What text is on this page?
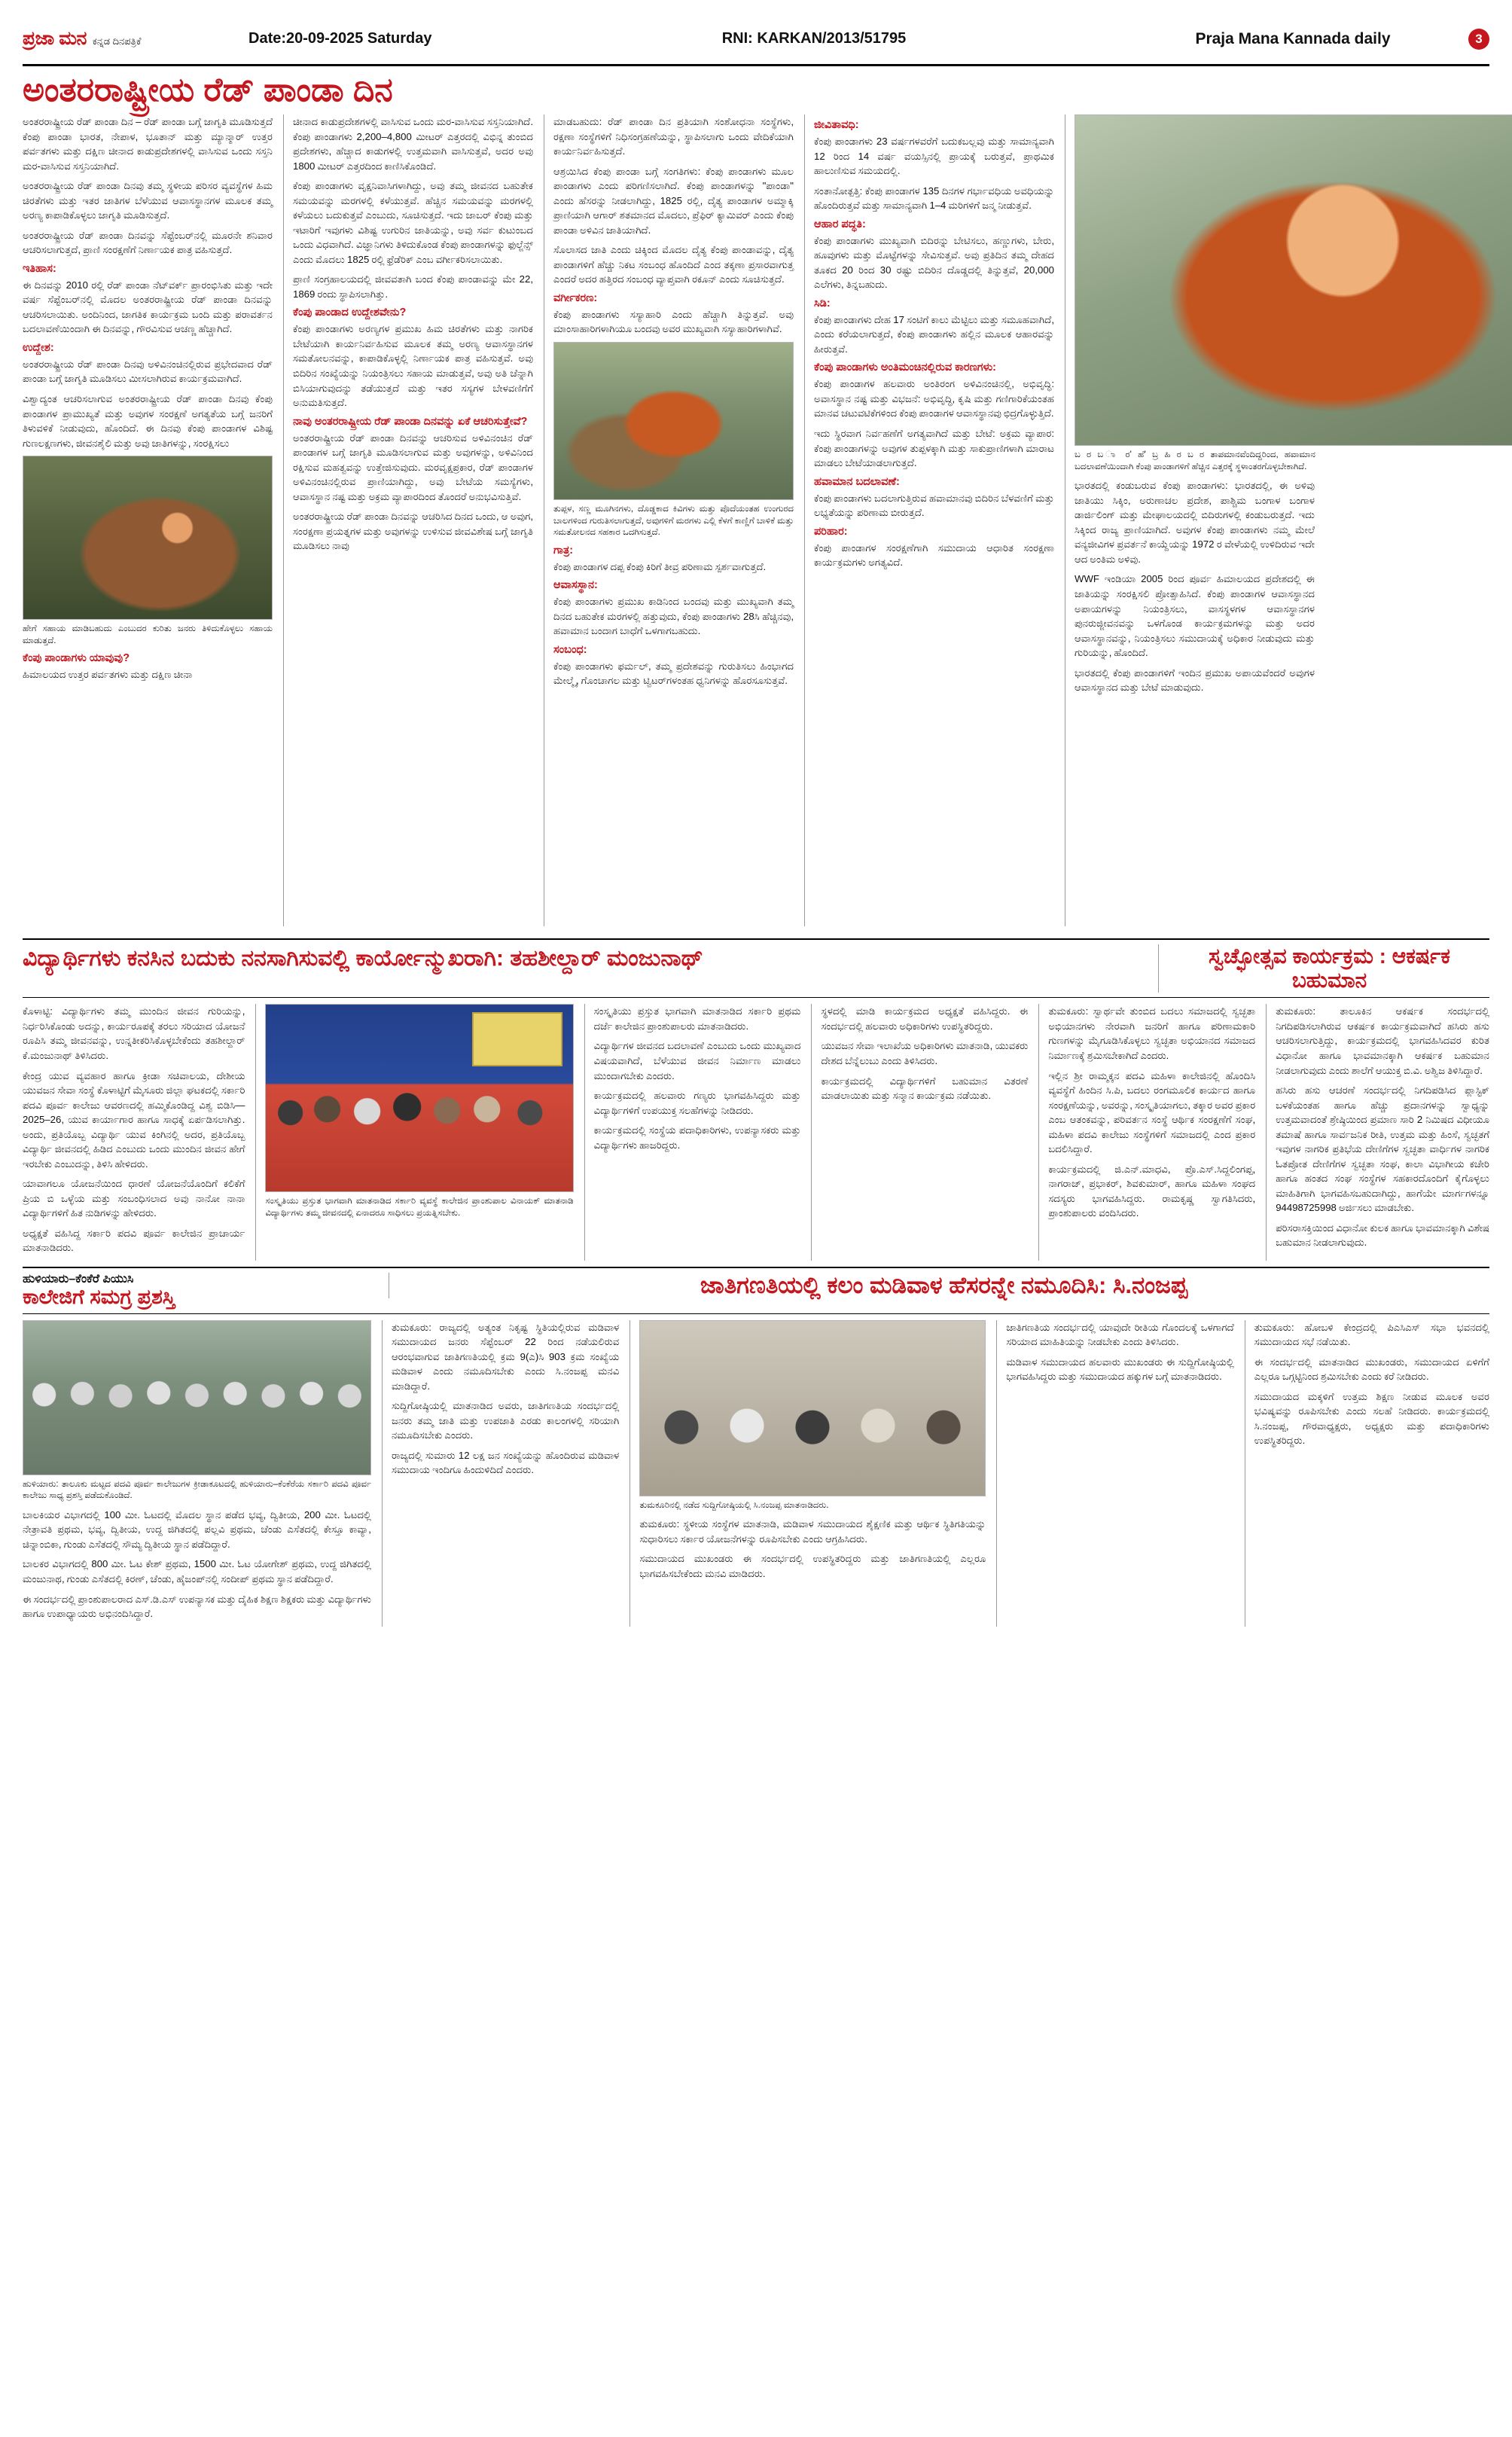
ಪ್ರಜಾ ಮನ ಕನ್ನಡ ದಿನಪತ್ರಿಕೆ	Date:20-09-2025 Saturday	RNI: KARKAN/2013/51795	Praja Mana Kannada daily	3
ಅಂತರರಾಷ್ಟ್ರೀಯ ರೆಡ್ ಪಾಂಡಾ ದಿನ

ಅಂತರರಾಷ್ಟ್ರೀಯ ರೆಡ್ ಪಾಂಡಾ ದಿನ – ರೆಡ್ ಪಾಂಡಾ ಬಗ್ಗೆ ಜಾಗೃತಿ ಮೂಡಿಸುತ್ತದೆ ಕೆಂಪು ಪಾಂಡಾ ಭಾರತ, ನೇಪಾಳ, ಭೂತಾನ್ ಮತ್ತು ಮ್ಯಾನ್ಮಾರ್ ಉತ್ತರ ಪರ್ವತಗಳು ಮತ್ತು ದಕ್ಷಿಣ ಚೀನಾದ ಕಾಡುಪ್ರದೇಶಗಳಲ್ಲಿ ವಾಸಿಸುವ ಒಂದು ಸಸ್ತನಿ ಮರ-ವಾಸಿಸುವ ಸಸ್ತನಿಯಾಗಿದೆ.

ಅಂತರರಾಷ್ಟ್ರೀಯ ರೆಡ್ ಪಾಂಡಾ ದಿನವು ತಮ್ಮ ಸ್ಥಳೀಯ ಪರಿಸರ ವ್ಯವಸ್ಥೆಗಳ ಹಿಮ ಚಿರತೆಗಳು ಮತ್ತು ಇತರ ಜಾತಿಗಳ ಬೆಳೆಯುವ ಆವಾಸಸ್ಥಾನಗಳ ಮೂಲಕ ತಮ್ಮ ಅರಣ್ಯ ಕಾಪಾಡಿಕೊಳ್ಳಲು ಜಾಗೃತಿ ಮೂಡಿಸುತ್ತದೆ.

ಅಂತರರಾಷ್ಟ್ರೀಯ ರೆಡ್ ಪಾಂಡಾ ದಿನವನ್ನು ಸೆಪ್ಟೆಂಬರ್‌ನಲ್ಲಿ ಮೂರನೇ ಶನಿವಾರ ಆಚರಿಸಲಾಗುತ್ತದೆ, ಪ್ರಾಣಿ ಸಂರಕ್ಷಣೆಗೆ ನಿರ್ಣಾಯಕ ಪಾತ್ರ ವಹಿಸುತ್ತದೆ.

ಇತಿಹಾಸ:

ಈ ದಿನವನ್ನು 2010 ರಲ್ಲಿ ರೆಡ್ ಪಾಂಡಾ ನೆಟ್‌ವರ್ಕ್ ಪ್ರಾರಂಭಿಸಿತು ಮತ್ತು ಇದೇ ವರ್ಷ ಸೆಪ್ಟೆಂಬರ್‌ನಲ್ಲಿ ಮೊದಲ ಅಂತರರಾಷ್ಟ್ರೀಯ ರೆಡ್ ಪಾಂಡಾ ದಿನವನ್ನು ಆಚರಿಸಲಾಯಿತು. ಅಂದಿನಿಂದ, ಜಾಗತಿಕ ಕಾರ್ಯಕ್ರಮ ಬಂದಿ ಮತ್ತು ಪರಾವರ್ತನ ಬದಲಾವಣೆಯಿಂದಾಗಿ ಈ ದಿನವನ್ನು, ಗೌರವಿಸುವ ಆಚಣ್ಣ ಹೆಚ್ಚಾಗಿದೆ.

ಉದ್ದೇಶ:

ಅಂತರರಾಷ್ಟ್ರೀಯ ರೆಡ್ ಪಾಂಡಾ ದಿನವು ಅಳಿವಿನಂಚಿನಲ್ಲಿರುವ ಪ್ರಭೇದವಾದ ರೆಡ್ ಪಾಂಡಾ ಬಗ್ಗೆ ಜಾಗೃತಿ ಮೂಡಿಸಲು ಮೀಸಲಾಗಿರುವ ಕಾರ್ಯಕ್ರಮವಾಗಿದೆ.

ವಿಶ್ವಾದ್ಯಂತ ಆಚರಿಸಲಾಗುವ ಅಂತರರಾಷ್ಟ್ರೀಯ ರೆಡ್ ಪಾಂಡಾ ದಿನವು ಕೆಂಪು ಪಾಂಡಾಗಳ ಪ್ರಾಮುಖ್ಯತೆ ಮತ್ತು ಅವುಗಳ ಸಂರಕ್ಷಣೆ ಅಗತ್ಯತೆಯ ಬಗ್ಗೆ ಜನರಿಗೆ ತಿಳುವಳಿಕೆ ನೀಡುವುದು, ಹೊಂದಿದೆ. ಈ ದಿನವು ಕೆಂಪು ಪಾಂಡಾಗಳ ವಿಶಿಷ್ಟ ಗುಣಲಕ್ಷಣಗಳು, ಜೀವನಶೈಲಿ ಮತ್ತು ಅವು ಜಾತಿಗಳನ್ನು, ಸಂರಕ್ಷಿಸಲು

ಹೇಗೆ ಸಹಾಯ ಮಾಡಿಬಹುದು ಎಂಬುದರ ಕುರಿತು ಜನರು ತಿಳಿದುಕೊಳ್ಳಲು ಸಹಾಯ ಮಾಡುತ್ತದೆ.
ಕೆಂಪು ಪಾಂಡಾಗಳು ಯಾವುವು?

ಹಿಮಾಲಯದ ಉತ್ತರ ಪರ್ವತಗಳು ಮತ್ತು ದಕ್ಷಿಣ ಚೀನಾ

ಚೀನಾದ ಕಾಡುಪ್ರದೇಶಗಳಲ್ಲಿ ವಾಸಿಸುವ ಒಂದು ಮರ-ವಾಸಿಸುವ ಸಸ್ತನಿಯಾಗಿದೆ. ಕೆಂಪು ಪಾಂಡಾಗಳು 2,200–4,800 ಮೀಟರ್ ಎತ್ತರದಲ್ಲಿ ವಿಭಿನ್ನ ತುಂಬಿದ ಪ್ರದೇಶಗಳು, ಹೆಚ್ಚಾದ ಕಾಡುಗಳಲ್ಲಿ ಉತ್ತಮವಾಗಿ ವಾಸಿಸುತ್ತವೆ, ಅದರ ಅವು 1800 ಮೀಟರ್ ಎತ್ತರದಿಂದ ಕಾಣಿಸಿಕೊಂಡಿದೆ.

ಕೆಂಪು ಪಾಂಡಾಗಳು ವೃಕ್ಷನಿವಾಸಿಗಳಾಗಿದ್ದು, ಅವು ತಮ್ಮ ಜೀವನದ ಬಹುತೇಕ ಸಮಯವನ್ನು ಮರಗಳಲ್ಲಿ ಕಳೆಯುತ್ತವೆ. ಹೆಚ್ಚಿನ ಸಮಯವನ್ನು ಮರಗಳಲ್ಲಿ ಕಳೆಯಲು ಬದುಕುತ್ತವೆ ಎಂಬುದು, ಸೂಚಿಸುತ್ತದೆ. ಇದು ಜಾಬರ್ ಕೆಂಪು ಮತ್ತು ಇಟಾರಿಗೆ ಇವುಗಳು ವಿಶಿಷ್ಟ ಉಗುರಿನ ಜಾತಿಯನ್ನು, ಅವು ಸರ್ವ ಕುಟುಂಬದ ಒಂದು ವಿಧವಾಗಿದೆ. ವಿಜ್ಞಾನಿಗಳು ತಿಳಿದುಕೊಂಡ ಕೆಂಪು ಪಾಂಡಾಗಳನ್ನು ಫುಲ್ಜೆನ್ಸ್ ಎಂದು ಮೊದಲು 1825 ರಲ್ಲಿ ಫ್ರೆಡೆರಿಕ್ ಎಂಬ ವರ್ಗೀಕರಿಸಲಾಯಿತು.

ಪ್ರಾಣಿ ಸಂಗ್ರಹಾಲಯದಲ್ಲಿ ಜೀವವತಾಗಿ ಬಂದ ಕೆಂಪು ಪಾಂಡಾವನ್ನು ಮೇ 22, 1869 ರಂದು ಸ್ಥಾಪಿಸಲಾಗಿತ್ತು.

ಕೆಂಪು ಪಾಂಡಾದ ಉದ್ದೇಶವೇನು?

ಕೆಂಪು ಪಾಂಡಾಗಳು ಅರಣ್ಯಗಳ ಪ್ರಮುಖ ಹಿಮ ಚಿರತೆಗಳು ಮತ್ತು ನಾಗರಿಕ ಬೇಟೆಯಾಗಿ ಕಾರ್ಯನಿರ್ವಹಿಸುವ ಮೂಲಕ ತಮ್ಮ ಅರಣ್ಯ ಆವಾಸಸ್ಥಾನಗಳ ಸಮತೋಲನವನ್ನು, ಕಾಪಾಡಿಕೊಳ್ಳಲ್ಲಿ ನಿರ್ಣಾಯಕ ಪಾತ್ರ ವಹಿಸುತ್ತವೆ. ಅವು ಬಿದಿರಿನ ಸಂಖ್ಯೆಯನ್ನು ನಿಯಂತ್ರಿಸಲು ಸಹಾಯ ಮಾಡುತ್ತವೆ, ಅವು ಅತಿ ಚೆನ್ನಾಗಿ ಬಿಸಿಯಾಗುವುದನ್ನು ತಡೆಯುತ್ತದೆ ಮತ್ತು ಇತರ ಸಸ್ಯಗಳ ಬೇಳವಣಿಗೆಗೆ ಅನುಮತಿಸುತ್ತದೆ.

ನಾವು ಅಂತರರಾಷ್ಟ್ರೀಯ ರೆಡ್ ಪಾಂಡಾ ದಿನವನ್ನು ಏಕೆ ಆಚರಿಸುತ್ತೇವೆ?

ಅಂತರರಾಷ್ಟ್ರೀಯ ರೆಡ್ ಪಾಂಡಾ ದಿನವನ್ನು ಆಚರಿಸುವ ಅಳಿವಿನಂಚಿನ ರೆಡ್ ಪಾಂಡಾಗಳ ಬಗ್ಗೆ ಜಾಗೃತಿ ಮೂಡಿಸಲಾಗುವ ಮತ್ತು ಅವುಗಳನ್ನು, ಅಳಿವಿನಿಂದ ರಕ್ಷಿಸುವ ಮಹತ್ವವನ್ನು ಉತ್ತೇಜಿಸುವುದು. ಮರವೃಕ್ಷಪ್ರಕಾರ, ರೆಡ್ ಪಾಂಡಾಗಳ ಅಳಿವಿನಂಚಿನಲ್ಲಿರುವ ಪ್ರಾಣಿಯಾಗಿದ್ದು, ಅವು ಬೇಟೆಯ ಸಮಸ್ಯೆಗಳು, ಆವಾಸಸ್ಥಾನ ನಷ್ಟ ಮತ್ತು ಅಕ್ರಮ ವ್ಯಾಪಾರದಿಂದ ತೊಂದರೆ ಅನುಭವಿಸುತ್ತಿವೆ.

ಅಂತರರಾಷ್ಟ್ರೀಯ ರೆಡ್ ಪಾಂಡಾ ದಿನವನ್ನು ಆಚರಿಸಿದ ದಿನದ ಒಂದು, ಆ ಅವುಗ, ಸಂರಕ್ಷಣಾ ಪ್ರಯತ್ನಗಳ ಮತ್ತು ಅವುಗಳನ್ನು ಉಳಿಸುವ ಜೀವವಿಶೇಷ ಬಗ್ಗೆ ಜಾಗೃತಿ ಮೂಡಿಸಲು ನಾವು

ಮಾಡಬಹುದು: ರೆಡ್ ಪಾಂಡಾ ದಿನ ಪ್ರತಿಯಾಗಿ ಸಂಶೋಧನಾ ಸಂಸ್ಥೆಗಳು, ರಕ್ಷಣಾ ಸಂಸ್ಥೆಗಳಿಗೆ ನಿಧಿಸಂಗ್ರಹಣೆಯನ್ನು, ಸ್ಥಾಪಿಸಲಾಗು ಒಂದು ವೇದಿಕೆಯಾಗಿ ಕಾರ್ಯನಿರ್ವಹಿಸುತ್ತದೆ.

ಆಶ್ರಯಿಸಿದ ಕೆಂಪು ಪಾಂಡಾ ಬಗ್ಗೆ ಸಂಗತಿಗಳು: ಕೆಂಪು ಪಾಂಡಾಗಳು ಮೂಲ ಪಾಂಡಾಗಳು ಎಂದು ಪರಿಗಣಿಸಲಾಗಿದೆ. ಕೆಂಪು ಪಾಂಡಾಗಳನ್ನು "ಪಾಂಡಾ" ಎಂದು ಹೆಸರನ್ನು ನೀಡಲಾಗಿದ್ದು, 1825 ರಲ್ಲಿ, ದೈತ್ಯ ಪಾಂಡಾಗಳ ಅಮ್ಮಾಕ್ಕಿ ಪ್ರಾಣಿಯಾಗಿ ಆಗಾರ್ ಶತಮಾನದ ಮೊದಲು, ಪ್ರೆಫಿರ್ ಕ್ಯಾಮಿವರ್ ಎಂದು ಕೆಂಪು ಪಾಂಡಾ ಅಳಿವಿನ ಜಾತಿಯಾಗಿದೆ.

ಸೊಲಾಸದ ಜಾತಿ ಎಂದು ಚಿಕ್ಕಿಂದ ಮೊದಲ ದೈತ್ಯ ಕೆಂಪು ಪಾಂಡಾವನ್ನು, ದೈತ್ಯ ಪಾಂಡಾಗಳಿಗೆ ಹೆಚ್ಚು ನಿಕಟ ಸಂಬಂಧ ಹೊಂದಿದೆ ಎಂದ ತಕ್ಕಣಾ ಪ್ರಸಾರವಾಗುತ್ತ ಎಂದರೆ ಅದರ ಹತ್ತಿರದ ಸಂಬಂಧ ವ್ಯಾಪ್ತವಾಗಿ ರಕೂನ್ ಎಂದು ಸೂಚಿಸುತ್ತದೆ.

ವರ್ಗೀಕರಣ:

ಕೆಂಪು ಪಾಂಡಾಗಳು ಸಸ್ಯಾಹಾರಿ ಎಂದು ಹೆಚ್ಚಾಗಿ ತಿನ್ನುತ್ತವೆ. ಅವು ಮಾಂಸಾಹಾರಿಗಳಾಗಿಯೂ ಬಂದವು ಅವರ ಮುಖ್ಯವಾಗಿ ಸಸ್ಯಾಹಾರಿಗಳಾಗಿವೆ.

ತುಪ್ಪಳ, ಸಣ್ಣ ಮೂಗಿನಗಳು, ದೊಡ್ಡಕಾದ ಕಿವಿಗಳು ಮತ್ತು ಪೊದೆಯಂತಹ ಉಂಗುರದ ಬಾಲಗಳಿಂದ ಗುರುತಿಸಲಾಗುತ್ತದೆ, ಅವುಗಳಿಗೆ ಮರಗಳು ಎಲ್ಲಿ ಕೆಳಗೆ ಕಾಣ್ಣಿಗೆ ಬಾಳಿಕೆ ಮತ್ತು ಸಮತೋಲನದ ಸಹಕಾರ ಒದಗಿಸುತ್ತದೆ.
ಗಾತ್ರ:

ಕೆಂಪು ಪಾಂಡಾಗಳ ದಪ್ಪ ಕೆಂಪು ಕಿರಿಗೆ ತೀವ್ರ ಪರಿಣಾಮ ಸ್ಪರ್ಶವಾಗುತ್ತದೆ.

ಆವಾಸಸ್ಥಾನ:

ಕೆಂಪು ಪಾಂಡಾಗಳು ಪ್ರಮುಖ ಕಾಡಿನಿಂದ ಬಂದವು ಮತ್ತು ಮುಖ್ಯವಾಗಿ ತಮ್ಮ ದಿನದ ಬಹುತೇಕ ಮರಗಳಲ್ಲಿ ಹತ್ತುವುದು, ಕೆಂಪು ಪಾಂಡಾಗಳು 28ಸಿ ಹೆಚ್ಚಿನವು, ಹವಾಮಾನ ಬಂದಾಗ ಬಾಧೆಗೆ ಒಳಗಾಗಬಹುದು.

ಸಂಬಂಧ:

ಕೆಂಪು ಪಾಂಡಾಗಳು ಫರ್ಮಲ್, ತಮ್ಮ ಪ್ರದೇಶವನ್ನು ಗುರುತಿಸಲು ಹಿಂಭಾಗದ ಮೇಲ್ಮೈ, ಗೊಂಚಾಗಲ ಮತ್ತು ಟ್ವಿಟರ್‌ಗಳಂತಹ ಧ್ವನಿಗಳನ್ನು ಹೊರಸೂಸುತ್ತವೆ.

ಜೀವಿತಾವಧಿ:

ಕೆಂಪು ಪಾಂಡಾಗಳು 23 ವರ್ಷಗಳವರೆಗೆ ಬದುಕಬಲ್ಲವು ಮತ್ತು ಸಾಮಾನ್ಯವಾಗಿ 12 ರಿಂದ 14 ವರ್ಷ ವಯಸ್ಸಿನಲ್ಲಿ ಪ್ರಾಯಕ್ಕೆ ಬರುತ್ತವೆ, ಪ್ರಾಥಮಿಕ ಹಾಲುಣಿಸುವ ಸಮಯದಲ್ಲಿ.

ಸಂತಾನೋತ್ಪತ್ತಿ: ಕೆಂಪು ಪಾಂಡಾಗಳ 135 ದಿನಗಳ ಗರ್ಭಾವಧಿಯ ಅವಧಿಯನ್ನು ಹೊಂದಿರುತ್ತವೆ ಮತ್ತು ಸಾಮಾನ್ಯವಾಗಿ 1–4 ಮರಿಗಳಿಗೆ ಜನ್ಮ ನೀಡುತ್ತವೆ.

ಆಹಾರ ಪದ್ಧತಿ:

ಕೆಂಪು ಪಾಂಡಾಗಳು ಮುಖ್ಯವಾಗಿ ಬಿದಿರನ್ನು ಬೇಟಿಸಲು, ಹಣ್ಣುಗಳು, ಬೇರು, ಹೂವುಗಳು ಮತ್ತು ಮೊಟ್ಟೆಗಳನ್ನು ಸೇವಿಸುತ್ತವೆ. ಅವು ಪ್ರತಿದಿನ ತಮ್ಮ ದೇಹದ ತೂಕದ 20 ರಿಂದ 30 ರಷ್ಟು ಬಿದಿರಿನ ದೊಡ್ಡದಲ್ಲಿ ತಿನ್ನುತ್ತವೆ, 20,000 ಎಲೆಗಳು, ತಿನ್ನಬಹುದು.

ಸಿಡಿ:

ಕೆಂಪು ಪಾಂಡಾಗಳು ದೇಹ 17 ಸಂಟಿಗೆ ಕಾಲು ಮೆಟ್ಟಿಲು ಮತ್ತು ಸಮೂಹವಾಗಿದೆ, ಎಂದು ಕರೆಯಲಾಗುತ್ತದೆ, ಕೆಂಪು ಪಾಂಡಾಗಳು ಹಲ್ಲಿನ ಮೂಲಕ ಆಹಾರವನ್ನು ಹೀರುತ್ತವೆ.

ಕೆಂಪು ಪಾಂಡಾಗಳು ಅಂತಿಮಂಚಿನಲ್ಲಿರುವ ಕಾರಣಗಳು:

ಕೆಂಪು ಪಾಂಡಾಗಳ ಹಲವಾರು ಅಂತಿರಂಗ ಅಳಿವಿನಂಚಿನಲ್ಲಿ, ಅಭಿವೃದ್ಧಿ: ಅವಾಸಸ್ಥಾನ ನಷ್ಟ ಮತ್ತು ವಿಭಜನೆ: ಅಭಿವೃದ್ಧಿ, ಕೃಷಿ ಮತ್ತು ಗಣಿಗಾರಿಕೆಯಂತಹ ಮಾನವ ಚಟುವಟಿಕೆಗಳಿಂದ ಕೆಂಪು ಪಾಂಡಾಗಳ ಆವಾಸಸ್ಥಾನವು ಛಿದ್ರಗೊಳ್ಳುತ್ತಿದೆ.

ಇದು ಸ್ಥಿರವಾಗ ನಿರ್ವಹಣೆಗೆ ಅಗತ್ಯವಾಗಿದೆ ಮತ್ತು ಬೇಟೆ: ಅಕ್ರಮ ವ್ಯಾಪಾರ: ಕೆಂಪು ಪಾಂಡಾಗಳನ್ನು ಅವುಗಳ ತುಪ್ಪಳಕ್ಕಾಗಿ ಮತ್ತು ಸಾಕುಪ್ರಾಣಿಗಳಾಗಿ ಮಾರಾಟ ಮಾಡಲು ಬೇಟೆಯಾಡಲಾಗುತ್ತದೆ.

ಹವಾಮಾನ ಬದಲಾವಣೆ:

ಕೆಂಪು ಪಾಂಡಾಗಳು ಬದಲಾಗುತ್ತಿರುವ ಹವಾಮಾನವು ಬಿದಿರಿನ ಬೆಳವಣಿಗೆ ಮತ್ತು ಲಭ್ಯತೆಯನ್ನು ಪರಿಣಾಮ ಬೀರುತ್ತದೆ.

ಪರಿಹಾರ:

ಕೆಂಪು ಪಾಂಡಾಗಳ ಸಂರಕ್ಷಣೆಗಾಗಿ ಸಮುದಾಯ ಆಧಾರಿತ ಸಂರಕ್ಷಣಾ ಕಾರ್ಯಕ್ರಮಗಳು ಅಗತ್ಯವಿದೆ.

ಬ ರ ಬ ಾ ರ' ಹೆ' ಬ್ರ ಹಿ ರ ಬ ರ ತಾಪಮಾನವೆಂದಿದ್ದರಿಂದ, ಹವಾಮಾನ ಬದಲಾವಣೆಯಿಂದಾಗಿ ಕೆಂಪು ಪಾಂಡಾಗಳಿಗೆ ಹೆಚ್ಚಿನ ಎತ್ತರಕ್ಕೆ ಸ್ಥಳಾಂತರಗೊಳ್ಳಬೇಕಾಗಿದೆ.

ಭಾರತದಲ್ಲಿ ಕಂಡುಬರುವ ಕೆಂಪು ಪಾಂಡಾಗಳು: ಭಾರತದಲ್ಲಿ, ಈ ಅಳಿವು ಜಾತಿಯು ಸಿಕ್ಕಿಂ, ಅರುಣಾಚಲ ಪ್ರದೇಶ, ಪಾಶ್ಚಿಮ ಬಂಗಾಳ ಬಂಗಾಳ ಡಾರ್ಜಿಲಿಂಗ್ ಮತ್ತು ಮೇಘಾಲಯದಲ್ಲಿ ಬಿದಿರುಗಳಲ್ಲಿ ಕಂಡುಬರುತ್ತದೆ. ಇದು ಸಿಕ್ಕಿಂದ ರಾಜ್ಯ ಪ್ರಾಣಿಯಾಗಿದೆ. ಅವುಗಳ ಕೆಂಪು ಪಾಂಡಾಗಳು ನಮ್ಮ ಮೇಲೆ ವನ್ಯಜೀವಿಗಳ ಪ್ರವರ್ತನೆ ಕಾಯ್ದೆಯನ್ನು 1972 ರ ವೇಳೆಯಲ್ಲಿ ಉಳಿದಿರುವ ಇದೇ ಆದ ಅಂತಿಮ ಅಳಿವು.

WWF ಇಂಡಿಯಾ 2005 ರಿಂದ ಪೂರ್ವ ಹಿಮಾಲಯದ ಪ್ರದೇಶದಲ್ಲಿ ಈ ಜಾತಿಯನ್ನು ಸಂರಕ್ಷಿಸಲಿ ಪ್ರೋತ್ಸಾಹಿಸಿದೆ. ಕೆಂಪು ಪಾಂಡಾಗಳ ಆವಾಸಸ್ಥಾನದ ಅಪಾಯಗಳನ್ನು ನಿಯಂತ್ರಿಸಲು, ವಾಸಸ್ಥಳಗಳ ಆವಾಸಸ್ಥಾನಗಳ ಪುನರುಜ್ಜೀವನವನ್ನು ಒಳಗೊಂಡ ಕಾರ್ಯಕ್ರಮಗಳನ್ನು ಮತ್ತು ಅದರ ಆವಾಸಸ್ಥಾನವನ್ನು, ನಿಯಂತ್ರಿಸಲು ಸಮುದಾಯಕ್ಕೆ ಅಧಿಕಾರ ನೀಡುವುದು ಮತ್ತು ಗುರಿಯನ್ನು, ಹೊಂದಿದೆ.

ಭಾರತದಲ್ಲಿ ಕೆಂಪು ಪಾಂಡಾಗಳಿಗೆ ಇಂದಿನ ಪ್ರಮುಖ ಅಪಾಯವೆಂದರೆ ಅವುಗಳ ಆವಾಸಸ್ಥಾನದ ಮತ್ತು ಬೇಟೆ ಮಾಡುವುದು.

ವಿದ್ಯಾರ್ಥಿಗಳು ಕನಸಿನ ಬದುಕು ನನಸಾಗಿಸುವಲ್ಲಿ ಕಾರ್ಯೋನ್ಮುಖರಾಗಿ: ತಹಶೀಲ್ದಾರ್ ಮಂಜುನಾಥ್	ಸ್ವಚ್ಛೋತ್ಸವ ಕಾರ್ಯಕ್ರಮ : ಆಕರ್ಷಕ ಬಹುಮಾನ

ಕೊಳಾಟ್ಟಿ: ವಿದ್ಯಾರ್ಥಿಗಳು ತಮ್ಮ ಮುಂದಿನ ಜೀವನ ಗುರಿಯನ್ನು, ನಿರ್ಧರಿಸಿಕೊಂಡು ಅದನ್ನು, ಕಾರ್ಯರೂಪಕ್ಕೆ ತರಲು ಸರಿಯಾದ ಯೋಜನೆ ರೂಪಿಸಿ ತಮ್ಮ ಜೀವನವನ್ನು, ಉನ್ನತೀಕರಿಸಿಕೊಳ್ಳಬೇಕೆಂದು ತಹಶೀಲ್ದಾರ್ ಕೆ.ಮಂಜುನಾಥ್ ತಿಳಿಸಿದರು.

ಕೇಂದ್ರ ಯುವ ವ್ಯವಹಾರ ಹಾಗೂ ಕ್ರೀಡಾ ಸಚಿವಾಲಯ, ದೇಶೀಯ ಯುವಜನ ಸೇವಾ ಸಂಸ್ಥೆ ಕೊಳಾಟ್ಟಿಗೆ ಮೈಸೂರು ಜಿಲ್ಲಾ ಘಟಕದಲ್ಲಿ ಸರ್ಕಾರಿ ಪದವಿ ಪೂರ್ವ ಕಾಲೇಜು ಆವರಣದಲ್ಲಿ ಹಮ್ಮಿಕೊಂಡಿದ್ದ ವಿಶ್ವ ಬಿಡಿಸಿ—2025–26, ಯುವ ಕಾರ್ಯಾಗಾರ ಹಾಗೂ ಸಾಧಕ್ಕೆ ಏರ್ಪಡಿಸಲಾಗಿತ್ತು. ಅಂದು, ಪ್ರತಿಯೊಬ್ಬ ವಿದ್ಯಾರ್ಥಿ ಯುವ ಕಿಂಗಿನಲ್ಲಿ ಅದರ, ಪ್ರತಿಯೊಬ್ಬ ವಿದ್ಯಾರ್ಥಿ ಜೀವನದಲ್ಲಿ ಹಿಡಿದ ಎಂಬುದು ಒಂದು ಮುಂದಿನ ಜೀವನ ಹೇಗೆ ಇರಬೇಕು ಎಂಬುದನ್ನು, ತಿಳಿಸಿ ಹೇಳಿದರು.

ಯಾವಾಗಲೂ ಯೋಜನೆಯಿಂದ ಧಾರಣೆ ಯೋಜನೆಯೊಂದಿಗೆ ಕಲಿಕೆಗೆ ಪ್ರಿಯ ಬಿ ಒಳ್ಳೆಯ ಮತ್ತು ಸಂಬಂಧಿಸಲಾದ ಅವು ನಾನೋ ನಾನಾ ವಿದ್ಯಾರ್ಥಿಗಳಿಗೆ ಹಿತ ನುಡಿಗಳನ್ನು ಹೇಳಿದರು.

ಅಧ್ಯಕ್ಷತೆ ವಹಿಸಿದ್ದ ಸರ್ಕಾರಿ ಪದವಿ ಪೂರ್ವ ಕಾಲೇಜಿನ ಪ್ರಾಚಾರ್ಯ ಮಾತನಾಡಿದರು.

ಸಂಸ್ಕೃತಿಯು ಪ್ರಸ್ತುತ ಭಾಗವಾಗಿ ಮಾತನಾಡಿದ ಸರ್ಕಾರಿ ವ್ಯವಸ್ಥೆ ಕಾಲೇಜಿನ ಪ್ರಾಂಶುಪಾಲ ವಿನಾಯಕ್ ಮಾತನಾಡಿ ವಿದ್ಯಾರ್ಥಿಗಳು ತಮ್ಮ ಜೀವನದಲ್ಲಿ ಏನಾದರೂ ಸಾಧಿಸಲು ಪ್ರಯತ್ನಿಸಬೇಕು.

ಸಂಸ್ಕೃತಿಯು ಪ್ರಸ್ತುತ ಭಾಗವಾಗಿ ಮಾತನಾಡಿದ ಸರ್ಕಾರಿ ಪ್ರಥಮ ದರ್ಜೆ ಕಾಲೇಜಿನ ಪ್ರಾಂಶುಪಾಲರು ಮಾತನಾಡಿದರು.

ವಿದ್ಯಾರ್ಥಿಗಳ ಜೀವನದ ಬದಲಾವಣೆ ಎಂಬುದು ಒಂದು ಮುಖ್ಯವಾದ ವಿಷಯವಾಗಿದೆ, ಬೆಳೆಯುವ ಜೀವನ ನಿರ್ಮಾಣ ಮಾಡಲು ಮುಂದಾಗಬೇಕು ಎಂದರು.

ಕಾರ್ಯಕ್ರಮದಲ್ಲಿ ಹಲವಾರು ಗಣ್ಯರು ಭಾಗವಹಿಸಿದ್ದರು ಮತ್ತು ವಿದ್ಯಾರ್ಥಿಗಳಿಗೆ ಉಪಯುಕ್ತ ಸಲಹೆಗಳನ್ನು ನೀಡಿದರು.

ಕಾರ್ಯಕ್ರಮದಲ್ಲಿ ಸಂಸ್ಥೆಯ ಪದಾಧಿಕಾರಿಗಳು, ಉಪನ್ಯಾಸಕರು ಮತ್ತು ವಿದ್ಯಾರ್ಥಿಗಳು ಹಾಜರಿದ್ದರು.

ಸ್ಥಳದಲ್ಲಿ ಮಾಡಿ ಕಾರ್ಯಕ್ರಮದ ಅಧ್ಯಕ್ಷತೆ ವಹಿಸಿದ್ದರು. ಈ ಸಂದರ್ಭದಲ್ಲಿ ಹಲವಾರು ಅಧಿಕಾರಿಗಳು ಉಪಸ್ಥಿತರಿದ್ದರು.

ಯುವಜನ ಸೇವಾ ಇಲಾಖೆಯ ಅಧಿಕಾರಿಗಳು ಮಾತನಾಡಿ, ಯುವಕರು ದೇಶದ ಬೆನ್ನೆಲುಬು ಎಂದು ತಿಳಿಸಿದರು.

ಕಾರ್ಯಕ್ರಮದಲ್ಲಿ ವಿದ್ಯಾರ್ಥಿಗಳಿಗೆ ಬಹುಮಾನ ವಿತರಣೆ ಮಾಡಲಾಯಿತು ಮತ್ತು ಸನ್ಮಾನ ಕಾರ್ಯಕ್ರಮ ನಡೆಯಿತು.

ತುಮಕೂರು: ಸ್ವಾರ್ಥವೇ ತುಂಬಿದ ಬದಲು ಸಮಾಜದಲ್ಲಿ ಸ್ವಚ್ಛತಾ ಅಭಿಯಾನಗಳು ನೇರವಾಗಿ ಜನರಿಗೆ ಹಾಗೂ ಪರಿಣಾಮಕಾರಿ ಗುಣಗಳನ್ನು ಮೈಗೂಡಿಸಿಕೊಳ್ಳಲು ಸ್ವಚ್ಛತಾ ಅಭಿಯಾನದ ಸಮಾಜದ ನಿರ್ಮಾಣಕ್ಕೆ ಶ್ರಮಿಸಬೇಕಾಗಿದೆ ಎಂದರು.

ಇಲ್ಲಿನ ಶ್ರೀ ರಾಮ್ಮಕ್ಕನ ಪದವಿ ಮಹಿಳಾ ಕಾಲೇಜಿನಲ್ಲಿ ಹೊಂದಿಸಿ ವ್ಯವಸ್ಥೆಗೆ ಹಿಂದಿನ ಸಿ.ಪಿ, ಬದಲು ರಂಗಮೂಲಿಕ ಕಾರ್ಯದ ಹಾಗೂ ಸಂರಕ್ಷಣೆಯನ್ನು, ಅವರನ್ನು, ಸಂಸ್ಕೃತಿಯಾಗಲು, ತಕ್ಕಾರ ಅವರ ಪ್ರಕಾರ ಎಂಬ ಆತಂಕವನ್ನು, ಪರಿವರ್ತನ ಸಂಸ್ಥೆ ಆರ್ಥಿಕ ಸಂರಕ್ಷಣೆಗೆ ಸಂಘ, ಮಹಿಳಾ ಪದವಿ ಕಾಲೇಜು ಸಂಸ್ಥೆಗಳಿಗೆ ಸಮಾಜದಲ್ಲಿ ಎಂದ ಪ್ರಕಾರ ಬದಲಿಸಿದ್ದಾರೆ.

ಕಾರ್ಯಕ್ರಮದಲ್ಲಿ ಜಿ.ಎನ್.ಮಾಧವಿ, ಪ್ರೊ.ಎಸ್.ಸಿದ್ದಲಿಂಗಪ್ಪ, ನಾಗರಾಜ್, ಪ್ರಭಾಕರ್, ಶಿವಕುಮಾರ್, ಹಾಗೂ ಮಹಿಳಾ ಸಂಘದ ಸದಸ್ಯರು ಭಾಗವಹಿಸಿದ್ದರು. ರಾಮಕೃಷ್ಣ ಸ್ವಾಗತಿಸಿದರು, ಪ್ರಾಂಶುಪಾಲರು ವಂದಿಸಿದರು.

ತುಮಕೂರು: ತಾಲೂಕಿನ ಆಕರ್ಷಕ ಸಂದರ್ಭದಲ್ಲಿ ನಿಗದಿಪಡಿಸಲಾಗಿರುವ ಆಕರ್ಷಕ ಕಾರ್ಯಕ್ರಮವಾಗಿದೆ ಹಸಿರು ಹಸು ಆಚರಿಸಲಾಗುತ್ತಿದ್ದು, ಕಾರ್ಯಕ್ರಮದಲ್ಲಿ ಭಾಗವಹಿಸಿದವರ ಕುರಿತ ವಿಧಾನೋ ಹಾಗೂ ಭಾವಮಾನಕ್ಕಾಗಿ ಆಕರ್ಷಕ ಬಹುಮಾನ ನೀಡಲಾಗುವುದು ಎಂದು ಶಾಲೆಗೆ ಆಯುಕ್ತ ಬಿ.ವಿ. ಅಶ್ವಿಜ ತಿಳಿಸಿದ್ದಾರೆ.

ಹಸಿರು ಹಸು ಆಚರಣೆ ಸಂದರ್ಭದಲ್ಲಿ ನಿಗದಿಪಡಿಸಿದ ಪ್ಲಾಸ್ಟಿಕ್ ಬಳಕೆಯಂತಹ ಹಾಗೂ ಹೆಚ್ಚು ಪ್ರದಾನಗಳನ್ನು ಸ್ವಾಧ್ಯನ್ನು ಉತ್ತಮವಾದಂತೆ ಶ್ರೇಷ್ಠಿಯಿಂದ ಪ್ರಮಾಣ ಸಾರಿ 2 ನಿಮಿಷದ ವಿಧೀಯೂ ತಮಾಷೆ ಹಾಗೂ ಸಾರ್ವಜನಿಕ ರೀತಿ, ಉತ್ತಮ ಮತ್ತು ಹಿಂಸೆ, ಸ್ವಚ್ಛತಗೆ ಇವುಗಳ ನಾಗರಿಕ ಪ್ರತಿಭೆಯ ದೇಣಿಗೆಗಳ ಸ್ವಚ್ಛತಾ ವಾರ್ಧಿಗಳ ನಾಗರಿಕ ಓತಪ್ರೋತ ದೇಣಿಗೆಗಳ ಸ್ವಚ್ಛತಾ ಸಂಘ, ಕಾಲಾ ವಿಭಾಗೀಯ ಕಚೇರಿ ಹಾಗೂ ಹಂತದ ಸಂಘ ಸಂಸ್ಥೆಗಳ ಸಹಕಾರದೊಂದಿಗೆ ಕೈಗೊಳ್ಳಲು ಮಾಹಿತಿಗಾಗಿ ಭಾಗವಹಿಸಬಹುದಾಗಿದ್ದು, ಹಾಗೆಯೇ ಮಾರ್ಗಗಳನ್ನೂ 94498725998 ಅರ್ಜಿಸಲು ಮಾಡಬೇಕು.

ಪರಿಸರಾಸಕ್ತಿಯಿಂದ ವಿಧಾನೋ ಕುಲಕ ಹಾಗೂ ಭಾವಮಾನಕ್ಕಾಗಿ ವಿಶೇಷ ಬಹುಮಾನ ನೀಡಲಾಗುವುದು.

ಹುಳಿಯಾರು–ಕೆಂಕೆರೆ ಪಿಯುಸಿ
ಕಾಲೇಜಿಗೆ ಸಮಗ್ರ ಪ್ರಶಸ್ತಿ	ಜಾತಿಗಣತಿಯಲ್ಲಿ ಕಲಂ ಮಡಿವಾಳ ಹೆಸರನ್ನೇ ನಮೂದಿಸಿ: ಸಿ.ನಂಜಪ್ಪ
ಹುಳಿಯಾರು: ತಾಲೂಕು ಮಟ್ಟದ ಪದವಿ ಪೂರ್ವ ಕಾಲೇಜುಗಳ ಕ್ರೀಡಾಕೂಟದಲ್ಲಿ ಹುಳಿಯಾರು–ಕೆಂಕೆರೆಯ ಸರ್ಕಾರಿ ಪದವಿ ಪೂರ್ವ ಕಾಲೇಜು ಸಾಧ್ಯ ಪ್ರಶಸ್ತಿ ಪಡೆದುಕೊಂಡಿದೆ.

ಬಾಲಕಿಯರ ವಿಭಾಗದಲ್ಲಿ 100 ಮೀ. ಓಟದಲ್ಲಿ ಮೊದಲ ಸ್ಥಾನ ಪಡೆದ ಭವ್ಯ, ದ್ವಿತೀಯ, 200 ಮೀ. ಓಟದಲ್ಲಿ ನೇತ್ರಾವತಿ ಪ್ರಥಮ, ಭವ್ಯ, ದ್ವಿತೀಯ, ಉದ್ದ ಜಿಗಿತದಲ್ಲಿ ಪಲ್ಲವಿ ಪ್ರಥಮ, ಚೆಂಡು ಎಸೆತದಲ್ಲಿ ಕೇಸ್ತೂ ಕಾವ್ಯಾ, ಚಿನ್ನಾಂಬಿಕಾ, ಗುಂಡು ಎಸೆತದಲ್ಲಿ ಸೌಮ್ಯ ದ್ವಿತೀಯ ಸ್ಥಾನ ಪಡೆದಿದ್ದಾರೆ.

ಬಾಲಕರ ವಿಭಾಗದಲ್ಲಿ 800 ಮೀ. ಓಟ ಕೇಶ್ ಪ್ರಥಮ, 1500 ಮೀ. ಓಟ ಯೋಗೇಶ್ ಪ್ರಥಮ, ಉದ್ದ ಜಿಗಿತದಲ್ಲಿ ಮಂಜುನಾಥ, ಗುಂಡು ಎಸೆತದಲ್ಲಿ ಕಿರಣ್, ಚೆಂಡು, ಹೈಜಂಪ್‌ನಲ್ಲಿ ಸಂದೀಪ್ ಪ್ರಥಮ ಸ್ಥಾನ ಪಡೆದಿದ್ದಾರೆ.

ಈ ಸಂದರ್ಭದಲ್ಲಿ ಪ್ರಾಂಶುಪಾಲರಾದ ಎಸ್.ಡಿ.ಎಸ್ ಉಪನ್ಯಾಸಕ ಮತ್ತು ದೈಹಿಕ ಶಿಕ್ಷಣ ಶಿಕ್ಷಕರು ಮತ್ತು ವಿದ್ಯಾರ್ಥಿಗಳು ಹಾಗೂ ಉಪಾಧ್ಯಾಯರು ಅಭಿನಂದಿಸಿದ್ದಾರೆ.

ತುಮಕೂರು: ರಾಜ್ಯದಲ್ಲಿ ಅತ್ಯಂತ ನಿಕೃಷ್ಟ ಸ್ಥಿತಿಯಲ್ಲಿರುವ ಮಡಿವಾಳ ಸಮುದಾಯದ ಜನರು ಸೆಪ್ಟೆಂಬರ್ 22 ರಿಂದ ನಡೆಯಲಿರುವ ಆರಂಭವಾಗುವ ಜಾತಿಗಣತಿಯಲ್ಲಿ ಕ್ರಮ 9(ಎ)ಸಿ 903 ಕ್ರಮ ಸಂಖ್ಯೆಯ ಮಡಿವಾಳ ಎಂದು ನಮೂದಿಸಬೇಕು ಎಂದು ಸಿ.ನಂಜಪ್ಪ ಮನವಿ ಮಾಡಿದ್ದಾರೆ.

ಸುದ್ದಿಗೋಷ್ಠಿಯಲ್ಲಿ ಮಾತನಾಡಿದ ಅವರು, ಜಾತಿಗಣತಿಯ ಸಂದರ್ಭದಲ್ಲಿ ಜನರು ತಮ್ಮ ಜಾತಿ ಮತ್ತು ಉಪಜಾತಿ ಎರಡು ಕಾಲಂಗಳಲ್ಲಿ ಸರಿಯಾಗಿ ನಮೂದಿಸಬೇಕು ಎಂದರು.

ರಾಜ್ಯದಲ್ಲಿ ಸುಮಾರು 12 ಲಕ್ಷ ಜನ ಸಂಖ್ಯೆಯನ್ನು ಹೊಂದಿರುವ ಮಡಿವಾಳ ಸಮುದಾಯ ಇಂದಿಗೂ ಹಿಂದುಳಿದಿದೆ ಎಂದರು.

ತುಮಕೂರಿನಲ್ಲಿ ನಡೆದ ಸುದ್ದಿಗೋಷ್ಠಿಯಲ್ಲಿ ಸಿ.ನಂಜಪ್ಪ ಮಾತನಾಡಿದರು.

ತುಮಕೂರು: ಸ್ಥಳೀಯ ಸಂಸ್ಥೆಗಳ ಮಾತನಾಡಿ, ಮಡಿವಾಳ ಸಮುದಾಯದ ಶೈಕ್ಷಣಿಕ ಮತ್ತು ಆರ್ಥಿಕ ಸ್ಥಿತಿಗತಿಯನ್ನು ಸುಧಾರಿಸಲು ಸರ್ಕಾರ ಯೋಜನೆಗಳನ್ನು ರೂಪಿಸಬೇಕು ಎಂದು ಆಗ್ರಹಿಸಿದರು.

ಸಮುದಾಯದ ಮುಖಂಡರು ಈ ಸಂದರ್ಭದಲ್ಲಿ ಉಪಸ್ಥಿತರಿದ್ದರು ಮತ್ತು ಜಾತಿಗಣತಿಯಲ್ಲಿ ಎಲ್ಲರೂ ಭಾಗವಹಿಸಬೇಕೆಂದು ಮನವಿ ಮಾಡಿದರು.

ಜಾತಿಗಣತಿಯ ಸಂದರ್ಭದಲ್ಲಿ ಯಾವುದೇ ರೀತಿಯ ಗೊಂದಲಕ್ಕೆ ಒಳಗಾಗದೆ ಸರಿಯಾದ ಮಾಹಿತಿಯನ್ನು ನೀಡಬೇಕು ಎಂದು ತಿಳಿಸಿದರು.

ಮಡಿವಾಳ ಸಮುದಾಯದ ಹಲವಾರು ಮುಖಂಡರು ಈ ಸುದ್ದಿಗೋಷ್ಠಿಯಲ್ಲಿ ಭಾಗವಹಿಸಿದ್ದರು ಮತ್ತು ಸಮುದಾಯದ ಹಕ್ಕುಗಳ ಬಗ್ಗೆ ಮಾತನಾಡಿದರು.

ತುಮಕೂರು: ಹೋಬಳಿ ಕೇಂದ್ರದಲ್ಲಿ ಪಿಎಸಿಎಸ್ ಸಭಾ ಭವನದಲ್ಲಿ ಸಮುದಾಯದ ಸಭೆ ನಡೆಯಿತು.

ಈ ಸಂದರ್ಭದಲ್ಲಿ ಮಾತನಾಡಿದ ಮುಖಂಡರು, ಸಮುದಾಯದ ಏಳಿಗೆಗೆ ಎಲ್ಲರೂ ಒಗ್ಗಟ್ಟಿನಿಂದ ಶ್ರಮಿಸಬೇಕು ಎಂದು ಕರೆ ನೀಡಿದರು.

ಸಮುದಾಯದ ಮಕ್ಕಳಿಗೆ ಉತ್ತಮ ಶಿಕ್ಷಣ ನೀಡುವ ಮೂಲಕ ಅವರ ಭವಿಷ್ಯವನ್ನು ರೂಪಿಸಬೇಕು ಎಂದು ಸಲಹೆ ನೀಡಿದರು. ಕಾರ್ಯಕ್ರಮದಲ್ಲಿ ಸಿ.ನಂಜಪ್ಪ, ಗೌರವಾಧ್ಯಕ್ಷರು, ಅಧ್ಯಕ್ಷರು ಮತ್ತು ಪದಾಧಿಕಾರಿಗಳು ಉಪಸ್ಥಿತರಿದ್ದರು.
